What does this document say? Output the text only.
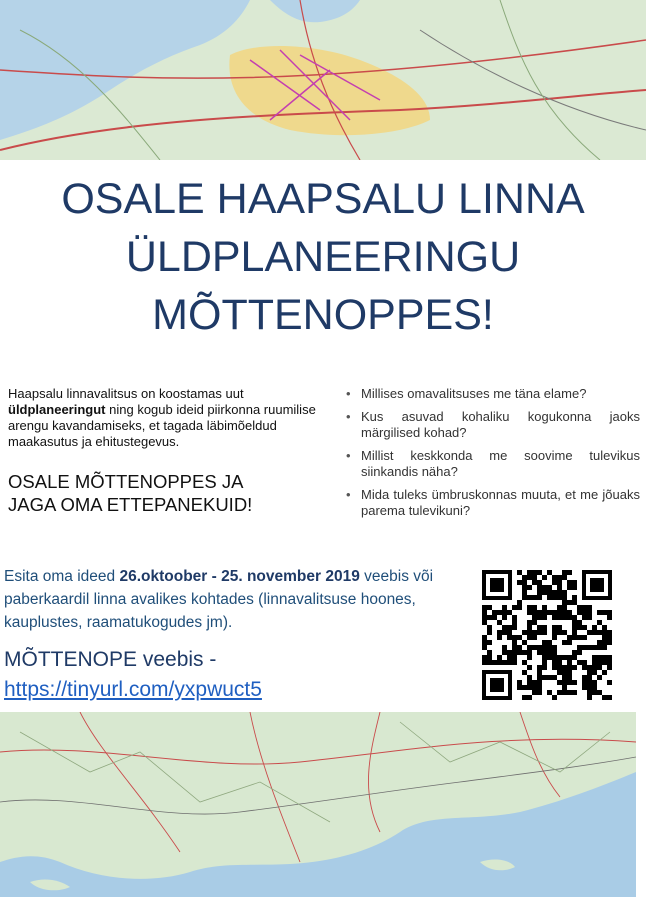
OSALE HAAPSALU LINNA
ÜLDPLANEERINGU
MÕTTENOPPES!
Haapsalu linnavalitsus on koostamas uut üldplaneeringut ning kogub ideid piirkonna ruumilise arengu kavandamiseks, et tagada läbimõeldud maakasutus ja ehitustegevus.
OSALE MÕTTENOPPES JA
JAGA OMA ETTEPANEKUID!
• Millises omavalitsuses me täna elame?
• Kus asuvad kohaliku kogukonna jaoks märgilised kohad?
• Millist keskkonda me soovime tulevikus siinkandis näha?
• Mida tuleks ümbruskonnas muuta, et me jõuaks parema tulevikuni?
Esita oma ideed 26.oktoober - 25. november 2019 veebis või paberkaardil linna avalikes kohtades (linnavalitsuse hoones, kauplustes, raamatukogudes jm).
MÕTTENOPE veebis -
https://tinyurl.com/yxpwuct5
